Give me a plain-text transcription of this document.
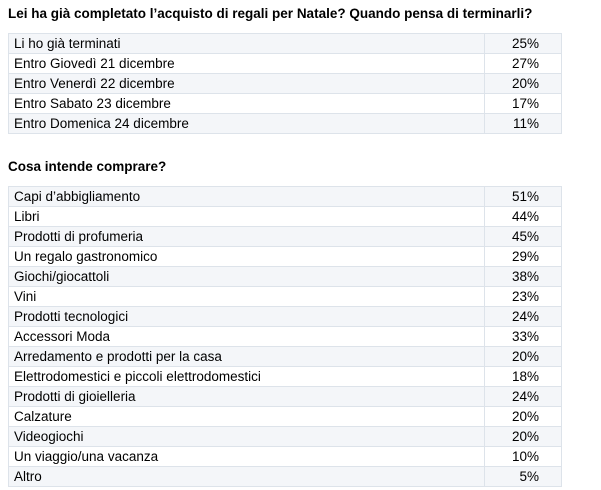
Lei ha già completato l’acquisto di regali per Natale? Quando pensa di terminarli?
Li ho già terminati	25%
Entro Giovedì 21 dicembre	27%
Entro Venerdì 22 dicembre	20%
Entro Sabato 23 dicembre	17%
Entro Domenica 24 dicembre	11%
Cosa intende comprare?
Capi d’abbigliamento	51%
Libri	44%
Prodotti di profumeria	45%
Un regalo gastronomico	29%
Giochi/giocattoli	38%
Vini	23%
Prodotti tecnologici	24%
Accessori Moda	33%
Arredamento e prodotti per la casa	20%
Elettrodomestici e piccoli elettrodomestici	18%
Prodotti di gioielleria	24%
Calzature	20%
Videogiochi	20%
Un viaggio/una vacanza	10%
Altro	5%
